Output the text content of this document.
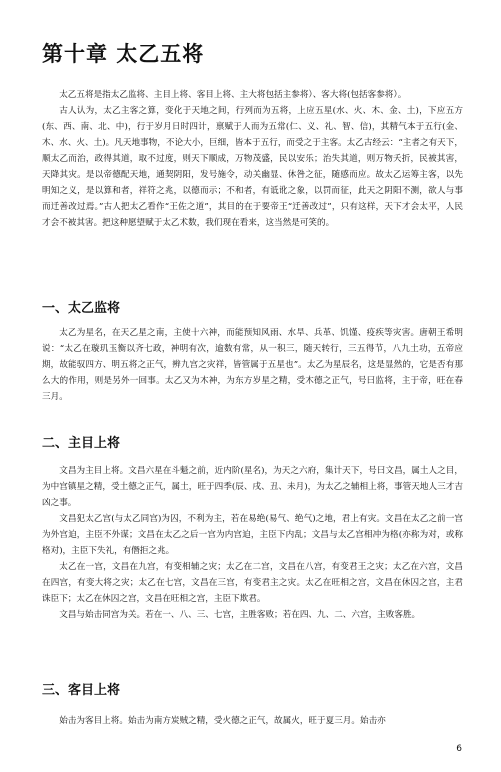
第十章 太乙五将

太乙五将是指太乙监将、主目上将、客目上将、主大将包括主参将）、客大将(包括客参将）。

古人认为，太乙主客之算，变化于天地之间，行列而为五将，上应五星(水、火、木、金、土)，下应五方(东、西、南、北、中)，行于岁月日时四计，禀赋于人而为五常(仁、义、礼、智、信)，其精气本于五行(金、木、水、火、土)。凡天地事物，不论大小，巨细，皆本于五行，而受之于主客。太乙古经云：“主者之有天下，顺太乙而治，政得其道，取不过度，则天下顺成，万物茂盛，民以安乐；治失其道，则万物夭折，民被其害，天降其灾。是以帝德配天地，通契阴阳，发号施令，动关幽显、休咎之征，随感而应。故太乙运筹主客，以先明知之义，是以算和者，祥符之兆，以德而示；不和者，有诋讹之象，以罚而征，此天之阴阳不测，欲人与事而迁善改过焉。”古人把太乙看作“王佐之道”，其目的在于要帝王“迁善改过”，只有这样，天下才会太平，人民才会不被其害。把这种愿望赋于太乙术数，我们现在看来，这当然是可笑的。

一、太乙监将

太乙为星名，在天乙星之南，主使十六神，而能预知风雨、水旱、兵革、饥馑、疫疾等灾害。唐朝王希明说：“太乙在璇玑玉衡以齐七政，神明有次，逾数有常，从一积三，随天转行，三五得节，八九土功，五帝应期，故能驭四方、明五将之正气，辨九宫之灾祥，皆管属于五星也”。太乙为星辰名，这是显然的，它是否有那么大的作用，则是另外一回事。太乙又为木神，为东方岁星之精，受木德之正气，号曰监将，主于帝，旺在春三月。

二、主目上将

文昌为主目上将。文昌六星在斗魁之前，近内阶(星名)，为天之六府，集计天下，号曰文昌，属土人之目，为中宫镇星之精，受土德之正气，属土，旺于四季(辰、戌、丑、未月)，为太乙之辅相上将，事管天地人三才吉凶之事。

文昌犯太乙宫(与太乙同宫)为囚，不利为主，若在易绝(易气、绝气)之地，君上有灾。文昌在太乙之前一宫为外宫迫，主臣不外谋；文昌在太乙之后一宫为内宫迫，主臣下内乱；文昌与太乙宫相冲为格(亦称为对，或称格对)，主臣下失礼，有僭拒之兆。

太乙在一宫，文昌在九宫，有变相辅之灾；太乙在二宫，文昌在八宫，有变君王之灾；太乙在六宫，文昌在四宫，有变大将之灾；太乙在七宫，文昌在三宫，有变君主之灾。太乙在旺相之宫，文昌在休囚之宫，主君诛臣下；太乙在休囚之宫，文昌在旺相之宫，主臣下欺君。

文昌与始击同宫为关。若在一、八、三、七宫，主胜客败；若在四、九、二、六宫，主败客胜。

三、客目上将

始击为客目上将。始击为南方炭贼之精，受火德之正气，故属火，旺于夏三月。始击亦

6
